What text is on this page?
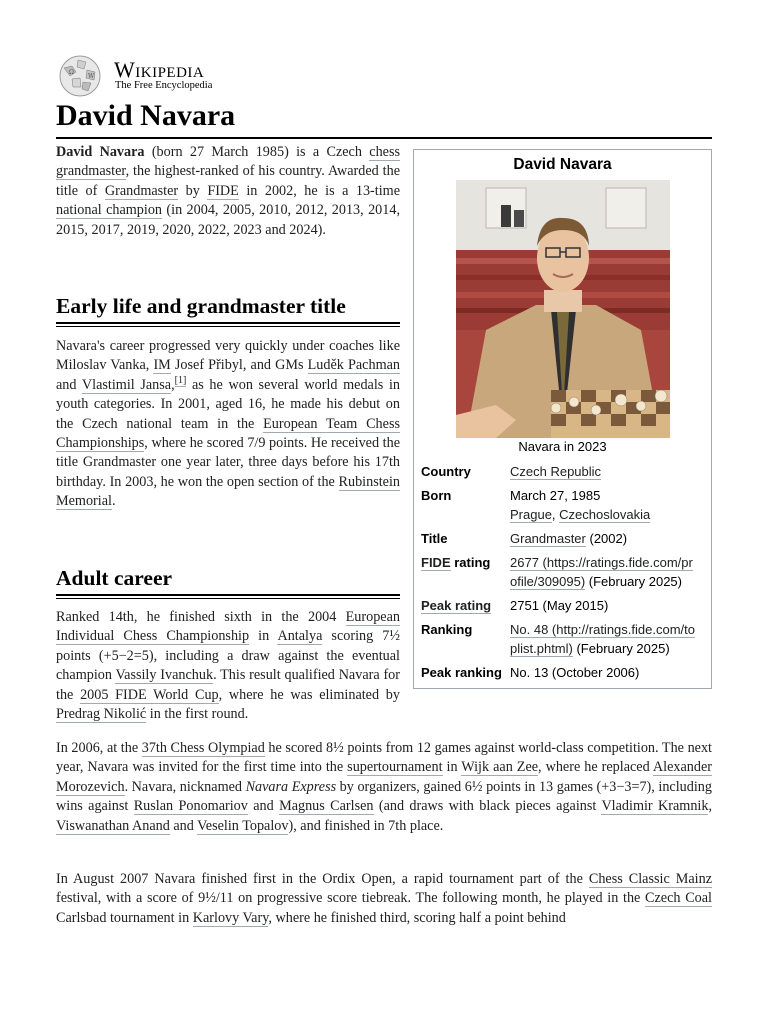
Ω
W Wikipedia
The Free Encyclopedia
David Navara
David Navara (born 27 March 1985) is a Czech chess grandmaster, the highest-ranked of his country. Awarded the title of Grandmaster by FIDE in 2002, he is a 13-time national champion (in 2004, 2005, 2010, 2012, 2013, 2014, 2015, 2017, 2019, 2020, 2022, 2023 and 2024).
Early life and grandmaster title
Navara's career progressed very quickly under coaches like Miloslav Vanka, IM Josef Přibyl, and GMs Luděk Pachman and Vlastimil Jansa,[1] as he won several world medals in youth categories. In 2001, aged 16, he made his debut on the Czech national team in the European Team Chess Championships, where he scored 7/9 points. He received the title Grandmaster one year later, three days before his 17th birthday. In 2003, he won the open section of the Rubinstein Memorial.
Adult career
Ranked 14th, he finished sixth in the 2004 European Individual Chess Championship in Antalya scoring 7½ points (+5−2=5), including a draw against the eventual champion Vassily Ivanchuk. This result qualified Navara for the 2005 FIDE World Cup, where he was eliminated by Predrag Nikolić in the first round.
In 2006, at the 37th Chess Olympiad he scored 8½ points from 12 games against world-class competition. The next year, Navara was invited for the first time into the supertournament in Wijk aan Zee, where he replaced Alexander Morozevich. Navara, nicknamed Navara Express by organizers, gained 6½ points in 13 games (+3−3=7), including wins against Ruslan Ponomariov and Magnus Carlsen (and draws with black pieces against Vladimir Kramnik, Viswanathan Anand and Veselin Topalov), and finished in 7th place.
In August 2007 Navara finished first in the Ordix Open, a rapid tournament part of the Chess Classic Mainz festival, with a score of 9½/11 on progressive score tiebreak. The following month, he played in the Czech Coal Carlsbad tournament in Karlovy Vary, where he finished third, scoring half a point behind
David Navara
Navara in 2023
Country	Czech Republic
Born	March 27, 1985
Prague, Czechoslovakia
Title	Grandmaster (2002)
FIDE rating	2677 (https://ratings.fide.com/pr
ofile/309095) (February 2025)
Peak rating	2751 (May 2015)
Ranking	No. 48 (http://ratings.fide.com/to
plist.phtml) (February 2025)
Peak ranking No. 13 (October 2006)
